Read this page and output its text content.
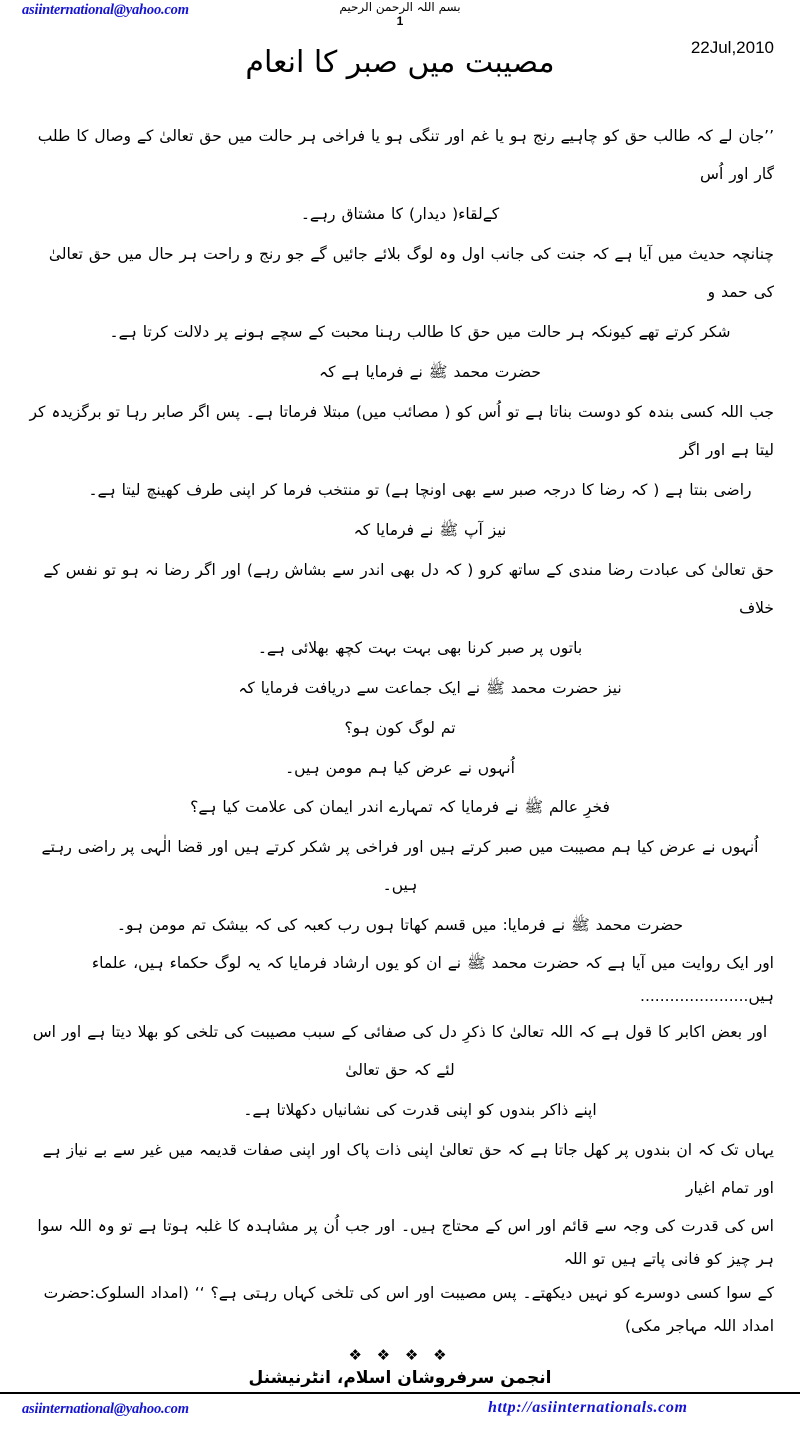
asiinternational@yahoo.com	بسم اللہ الرحمن الرحیم
1
مصیبت میں صبر کا انعام	22Jul,2010

’’جان لے کہ طالب حق کو چاہیے رنج ہو یا غم اور تنگی ہو یا فراخی ہر حالت میں حق تعالیٰ کے وصال کا طلب گار اور اُس

کےلقاء( دیدار) کا مشتاق رہے۔

چنانچہ حدیث میں آیا ہے کہ جنت کی جانب اول وہ لوگ بلائے جائیں گے جو رنج و راحت ہر حال میں حق تعالیٰ کی حمد و

شکر کرتے تھے کیونکہ ہر حالت میں حق کا طالب رہنا محبت کے سچے ہونے پر دلالت کرتا ہے۔

حضرت محمد ﷺ نے فرمایا ہے کہ

جب اللہ کسی بندہ کو دوست بناتا ہے تو اُس کو ( مصائب میں) مبتلا فرماتا ہے۔ پس اگر صابر رہا تو برگزیدہ کر لیتا ہے اور اگر

راضی بنتا ہے ( کہ رضا کا درجہ صبر سے بھی اونچا ہے) تو منتخب فرما کر اپنی طرف کھینچ لیتا ہے۔

نیز آپ ﷺ نے فرمایا کہ

حق تعالیٰ کی عبادت رضا مندی کے ساتھ کرو ( کہ دل بھی اندر سے بشاش رہے) اور اگر رضا نہ ہو تو نفس کے خلاف

باتوں پر صبر کرنا بھی بہت بہت کچھ بھلائی ہے۔

نیز حضرت محمد ﷺ نے ایک جماعت سے دریافت فرمایا کہ

تم لوگ کون ہو؟

اُنہوں نے عرض کیا ہم مومن ہیں۔

فخرِ عالم ﷺ نے فرمایا کہ تمہارے اندر ایمان کی علامت کیا ہے؟

اُنہوں نے عرض کیا ہم مصیبت میں صبر کرتے ہیں اور فراخی پر شکر کرتے ہیں اور قضا الٰہی پر راضی رہتے ہیں۔

حضرت محمد ﷺ نے فرمایا: میں قسم کھاتا ہوں رب کعبہ کی کہ بیشک تم مومن ہو۔

اور ایک روایت میں آیا ہے کہ حضرت محمد ﷺ نے ان کو یوں ارشاد فرمایا کہ یہ لوگ حکماء ہیں، علماء ہیں......................

اور بعض اکابر کا قول ہے کہ اللہ تعالیٰ کا ذکرِ دل کی صفائی کے سبب مصیبت کی تلخی کو بھلا دیتا ہے اور اس لئے کہ حق تعالیٰ

اپنے ذاکر بندوں کو اپنی قدرت کی نشانیاں دکھلاتا ہے۔

یہاں تک کہ ان بندوں پر کھل جاتا ہے کہ حق تعالیٰ اپنی ذات پاک اور اپنی صفات قدیمہ میں غیر سے بے نیاز ہے اور تمام اغیار

اس کی قدرت کی وجہ سے قائم اور اس کے محتاج ہیں۔ اور جب اُن پر مشاہدہ کا غلبہ ہوتا ہے تو وہ اللہ سوا ہر چیز کو فانی پاتے ہیں تو اللہ

کے سوا کسی دوسرے کو نہیں دیکھتے۔ پس مصیبت اور اس کی تلخی کہاں رہتی ہے؟ ‘‘ (امداد السلوک:حضرت امداد اللہ مہاجر مکی)

❖ ❖ ❖ ❖
انجمن سرفروشان اسلام، انٹرنیشنل
asiinternational@yahoo.com	http://asiinternationals.com
